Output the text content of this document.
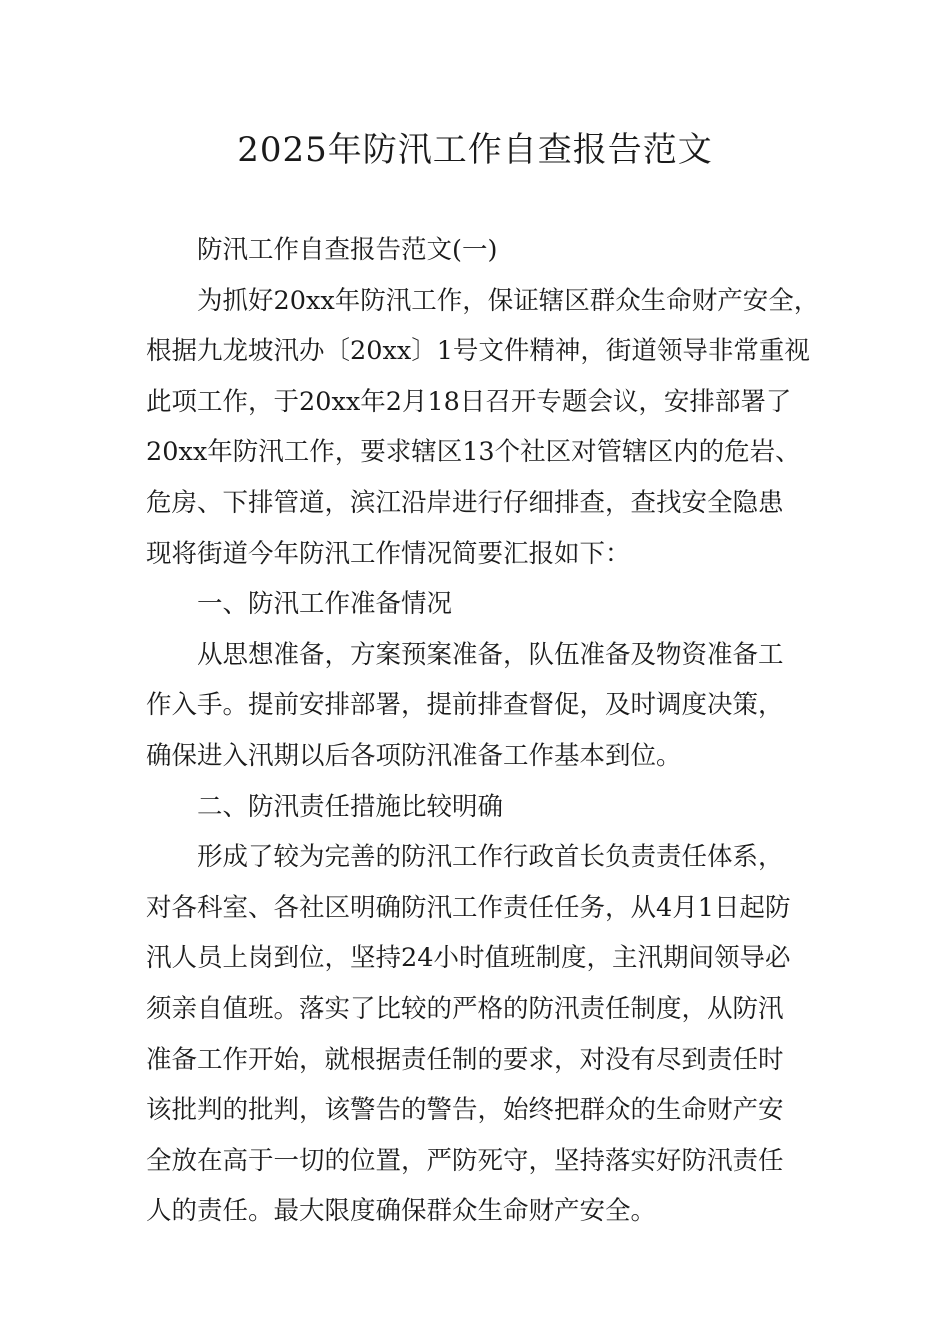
2025年防汛工作自查报告范文
防汛工作自查报告范文(一)
为抓好20xx年防汛工作，保证辖区群众生命财产安全，
根据九龙坡汛办〔20xx〕1号文件精神，街道领导非常重视
此项工作，于20xx年2月18日召开专题会议，安排部署了
20xx年防汛工作，要求辖区13个社区对管辖区内的危岩、
危房、下排管道，滨江沿岸进行仔细排查，查找安全隐患
现将街道今年防汛工作情况简要汇报如下：
一、防汛工作准备情况
从思想准备，方案预案准备，队伍准备及物资准备工
作入手。提前安排部署，提前排查督促，及时调度决策，
确保进入汛期以后各项防汛准备工作基本到位。
二、防汛责任措施比较明确
形成了较为完善的防汛工作行政首长负责责任体系，
对各科室、各社区明确防汛工作责任任务，从4月1日起防
汛人员上岗到位，坚持24小时值班制度，主汛期间领导必
须亲自值班。落实了比较的严格的防汛责任制度，从防汛
准备工作开始，就根据责任制的要求，对没有尽到责任时
该批判的批判，该警告的警告，始终把群众的生命财产安
全放在高于一切的位置，严防死守，坚持落实好防汛责任
人的责任。最大限度确保群众生命财产安全。
